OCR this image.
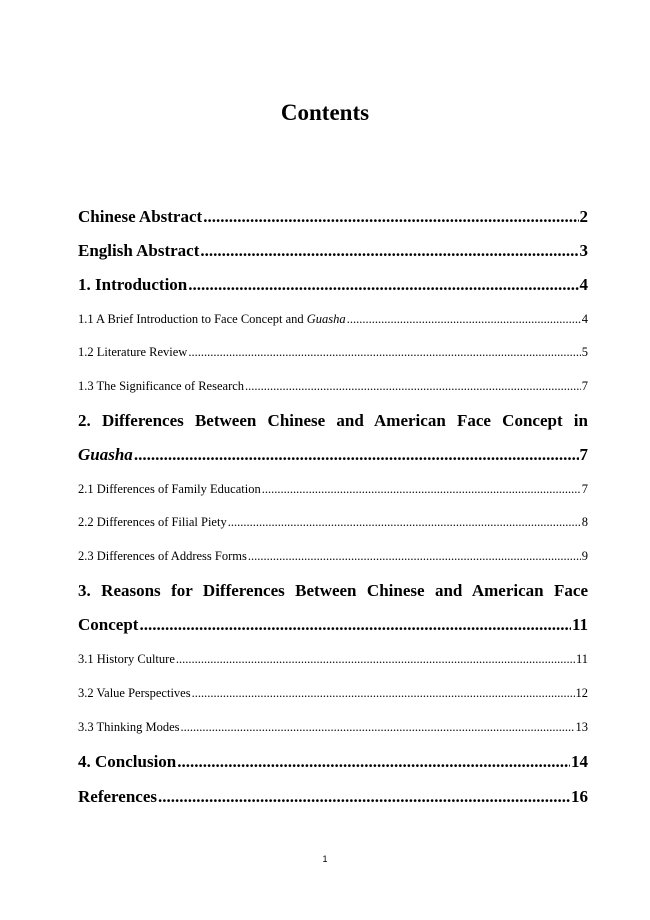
Contents
Chinese Abstract .....	2
English Abstract .....	3
1. Introduction .....	4
1.1 A Brief Introduction to Face Concept and Guasha .....	4
1.2 Literature Review .....	5
1.3 The Significance of Research .....	7
2. Differences Between Chinese and American Face Concept in
Guasha .....	7
2.1 Differences of Family Education .....	7
2.2 Differences of Filial Piety .....	8
2.3 Differences of Address Forms .....	9
3. Reasons for Differences Between Chinese and American Face
Concept .....	11
3.1 History Culture .....	11
3.2 Value Perspectives .....	12
3.3 Thinking Modes .....	13
4. Conclusion .....	14
References .....	16
1
